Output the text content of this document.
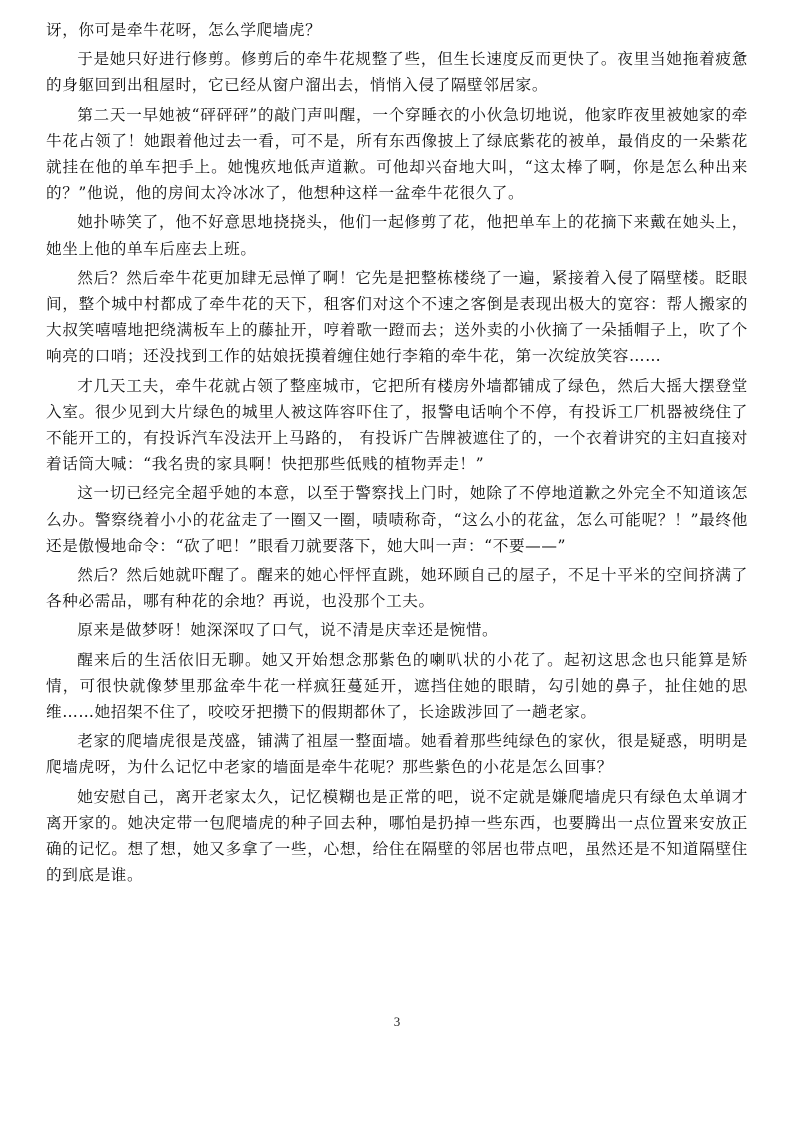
讶，你可是牵牛花呀，怎么学爬墙虎？

于是她只好进行修剪。修剪后的牵牛花规整了些，但生长速度反而更快了。夜里当她拖着疲惫的身躯回到出租屋时，它已经从窗户溜出去，悄悄入侵了隔壁邻居家。

第二天一早她被“砰砰砰”的敲门声叫醒，一个穿睡衣的小伙急切地说，他家昨夜里被她家的牵牛花占领了！她跟着他过去一看，可不是，所有东西像披上了绿底紫花的被单，最俏皮的一朵紫花就挂在他的单车把手上。她愧疚地低声道歉。可他却兴奋地大叫，“这太棒了啊，你是怎么种出来的？”他说，他的房间太冷冰冰了，他想种这样一盆牵牛花很久了。

她扑哧笑了，他不好意思地挠挠头，他们一起修剪了花，他把单车上的花摘下来戴在她头上，她坐上他的单车后座去上班。

然后？然后牵牛花更加肆无忌惮了啊！它先是把整栋楼绕了一遍，紧接着入侵了隔壁楼。眨眼间，整个城中村都成了牵牛花的天下，租客们对这个不速之客倒是表现出极大的宽容：帮人搬家的大叔笑嘻嘻地把绕满板车上的藤扯开，哼着歌一蹬而去；送外卖的小伙摘了一朵插帽子上，吹了个响亮的口哨；还没找到工作的姑娘抚摸着缠住她行李箱的牵牛花，第一次绽放笑容……

才几天工夫，牵牛花就占领了整座城市，它把所有楼房外墙都铺成了绿色，然后大摇大摆登堂入室。很少见到大片绿色的城里人被这阵容吓住了，报警电话响个不停，有投诉工厂机器被绕住了不能开工的，有投诉汽车没法开上马路的， 有投诉广告牌被遮住了的，一个衣着讲究的主妇直接对着话筒大喊：“我名贵的家具啊！快把那些低贱的植物弄走！”

这一切已经完全超乎她的本意，以至于警察找上门时，她除了不停地道歉之外完全不知道该怎么办。警察绕着小小的花盆走了一圈又一圈，啧啧称奇，“这么小的花盆，怎么可能呢？！”最终他还是傲慢地命令：“砍了吧！”眼看刀就要落下，她大叫一声：“不要——”

然后？然后她就吓醒了。醒来的她心怦怦直跳，她环顾自己的屋子，不足十平米的空间挤满了各种必需品，哪有种花的余地？再说，也没那个工夫。

原来是做梦呀！她深深叹了口气，说不清是庆幸还是惋惜。

醒来后的生活依旧无聊。她又开始想念那紫色的喇叭状的小花了。起初这思念也只能算是矫情，可很快就像梦里那盆牵牛花一样疯狂蔓延开，遮挡住她的眼睛，勾引她的鼻子，扯住她的思维……她招架不住了，咬咬牙把攒下的假期都休了，长途跋涉回了一趟老家。

老家的爬墙虎很是茂盛，铺满了祖屋一整面墙。她看着那些纯绿色的家伙，很是疑惑，明明是爬墙虎呀，为什么记忆中老家的墙面是牵牛花呢？那些紫色的小花是怎么回事？

她安慰自己，离开老家太久，记忆模糊也是正常的吧，说不定就是嫌爬墙虎只有绿色太单调才离开家的。她决定带一包爬墙虎的种子回去种，哪怕是扔掉一些东西，也要腾出一点位置来安放正确的记忆。想了想，她又多拿了一些，心想，给住在隔壁的邻居也带点吧，虽然还是不知道隔壁住的到底是谁。

3
